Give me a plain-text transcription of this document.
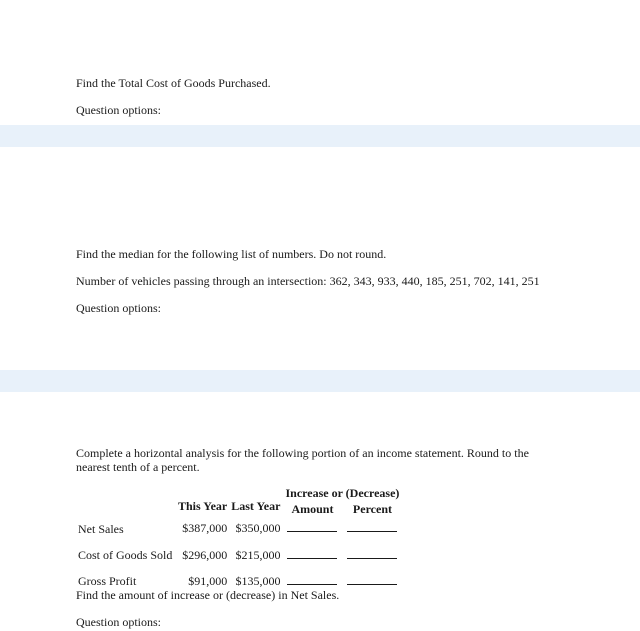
Find the Total Cost of Goods Purchased.
Question options:
Find the median for the following list of numbers. Do not round.
Number of vehicles passing through an intersection: 362, 343, 933, 440, 185, 251, 702, 141, 251
Question options:
Complete a horizontal analysis for the following portion of an income statement. Round to the nearest tenth of a percent.
	This Year	Last Year	Increase or (Decrease)	
			Amount	Percent
Net Sales	$387,000	$350,000		
Cost of Goods Sold	$296,000	$215,000		
Gross Profit	$91,000	$135,000		
Find the amount of increase or (decrease) in Net Sales.
Question options:
